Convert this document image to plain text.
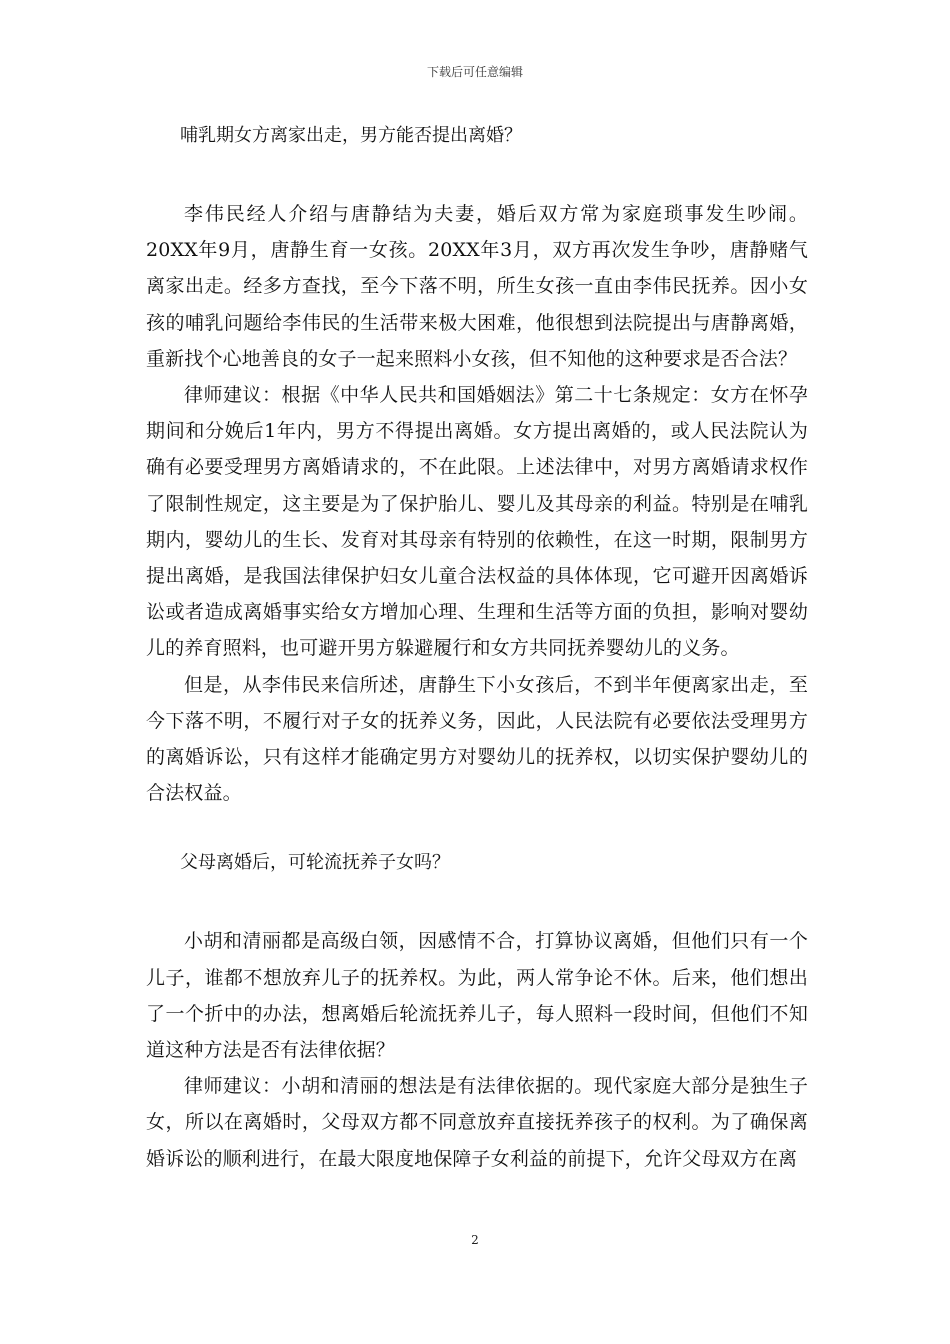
下载后可任意编辑

哺乳期女方离家出走，男方能否提出离婚？

李伟民经人介绍与唐静结为夫妻，婚后双方常为家庭琐事发生吵闹。20XX年9月，唐静生育一女孩。20XX年3月，双方再次发生争吵，唐静赌气离家出走。经多方查找，至今下落不明，所生女孩一直由李伟民抚养。因小女孩的哺乳问题给李伟民的生活带来极大困难，他很想到法院提出与唐静离婚，重新找个心地善良的女子一起来照料小女孩，但不知他的这种要求是否合法？

律师建议：根据《中华人民共和国婚姻法》第二十七条规定：女方在怀孕期间和分娩后1年内，男方不得提出离婚。女方提出离婚的，或人民法院认为确有必要受理男方离婚请求的，不在此限。上述法律中，对男方离婚请求权作了限制性规定，这主要是为了保护胎儿、婴儿及其母亲的利益。特别是在哺乳期内，婴幼儿的生长、发育对其母亲有特别的依赖性，在这一时期，限制男方提出离婚，是我国法律保护妇女儿童合法权益的具体体现，它可避开因离婚诉讼或者造成离婚事实给女方增加心理、生理和生活等方面的负担，影响对婴幼儿的养育照料，也可避开男方躲避履行和女方共同抚养婴幼儿的义务。

但是，从李伟民来信所述，唐静生下小女孩后，不到半年便离家出走，至今下落不明，不履行对子女的抚养义务，因此，人民法院有必要依法受理男方的离婚诉讼，只有这样才能确定男方对婴幼儿的抚养权，以切实保护婴幼儿的合法权益。

父母离婚后，可轮流抚养子女吗？

小胡和清丽都是高级白领，因感情不合，打算协议离婚，但他们只有一个儿子，谁都不想放弃儿子的抚养权。为此，两人常争论不休。后来，他们想出了一个折中的办法，想离婚后轮流抚养儿子，每人照料一段时间，但他们不知道这种方法是否有法律依据？

律师建议：小胡和清丽的想法是有法律依据的。现代家庭大部分是独生子女，所以在离婚时，父母双方都不同意放弃直接抚养孩子的权利。为了确保离婚诉讼的顺利进行，在最大限度地保障子女利益的前提下，允许父母双方在离

2
